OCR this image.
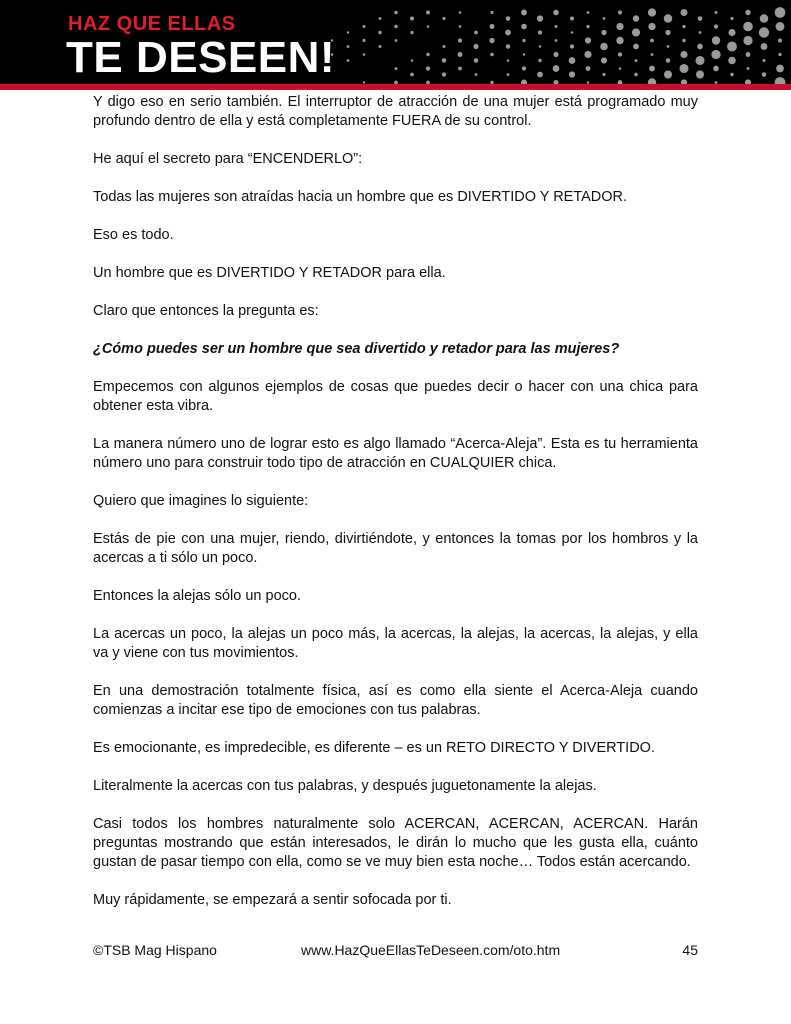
HAZ QUE ELLAS
TE DESEEN!

Y digo eso en serio también. El interruptor de atracción de una mujer está programado muy profundo dentro de ella y está completamente FUERA de su control.

He aquí el secreto para “ENCENDERLO”:

Todas las mujeres son atraídas hacia un hombre que es DIVERTIDO Y RETADOR.

Eso es todo.

Un hombre que es DIVERTIDO Y RETADOR para ella.

Claro que entonces la pregunta es:

¿Cómo puedes ser un hombre que sea divertido y retador para las mujeres?

Empecemos con algunos ejemplos de cosas que puedes decir o hacer con una chica para obtener esta vibra.

La manera número uno de lograr esto es algo llamado “Acerca-Aleja”. Esta es tu herramienta número uno para construir todo tipo de atracción en CUALQUIER chica.

Quiero que imagines lo siguiente:

Estás de pie con una mujer, riendo, divirtiéndote, y entonces la tomas por los hombros y la acercas a ti sólo un poco.

Entonces la alejas sólo un poco.

La acercas un poco, la alejas un poco más, la acercas, la alejas, la acercas, la alejas, y ella va y viene con tus movimientos.

En una demostración totalmente física, así es como ella siente el Acerca-Aleja cuando comienzas a incitar ese tipo de emociones con tus palabras.

Es emocionante, es impredecible, es diferente – es un RETO DIRECTO Y DIVERTIDO.

Literalmente la acercas con tus palabras, y después juguetonamente la alejas.

Casi todos los hombres naturalmente solo ACERCAN, ACERCAN, ACERCAN. Harán preguntas mostrando que están interesados, le dirán lo mucho que les gusta ella, cuánto gustan de pasar tiempo con ella, como se ve muy bien esta noche… Todos están acercando.

Muy rápidamente, se empezará a sentir sofocada por ti.

©TSB Mag Hispano	www.HazQueEllasTeDeseen.com/oto.htm	45
